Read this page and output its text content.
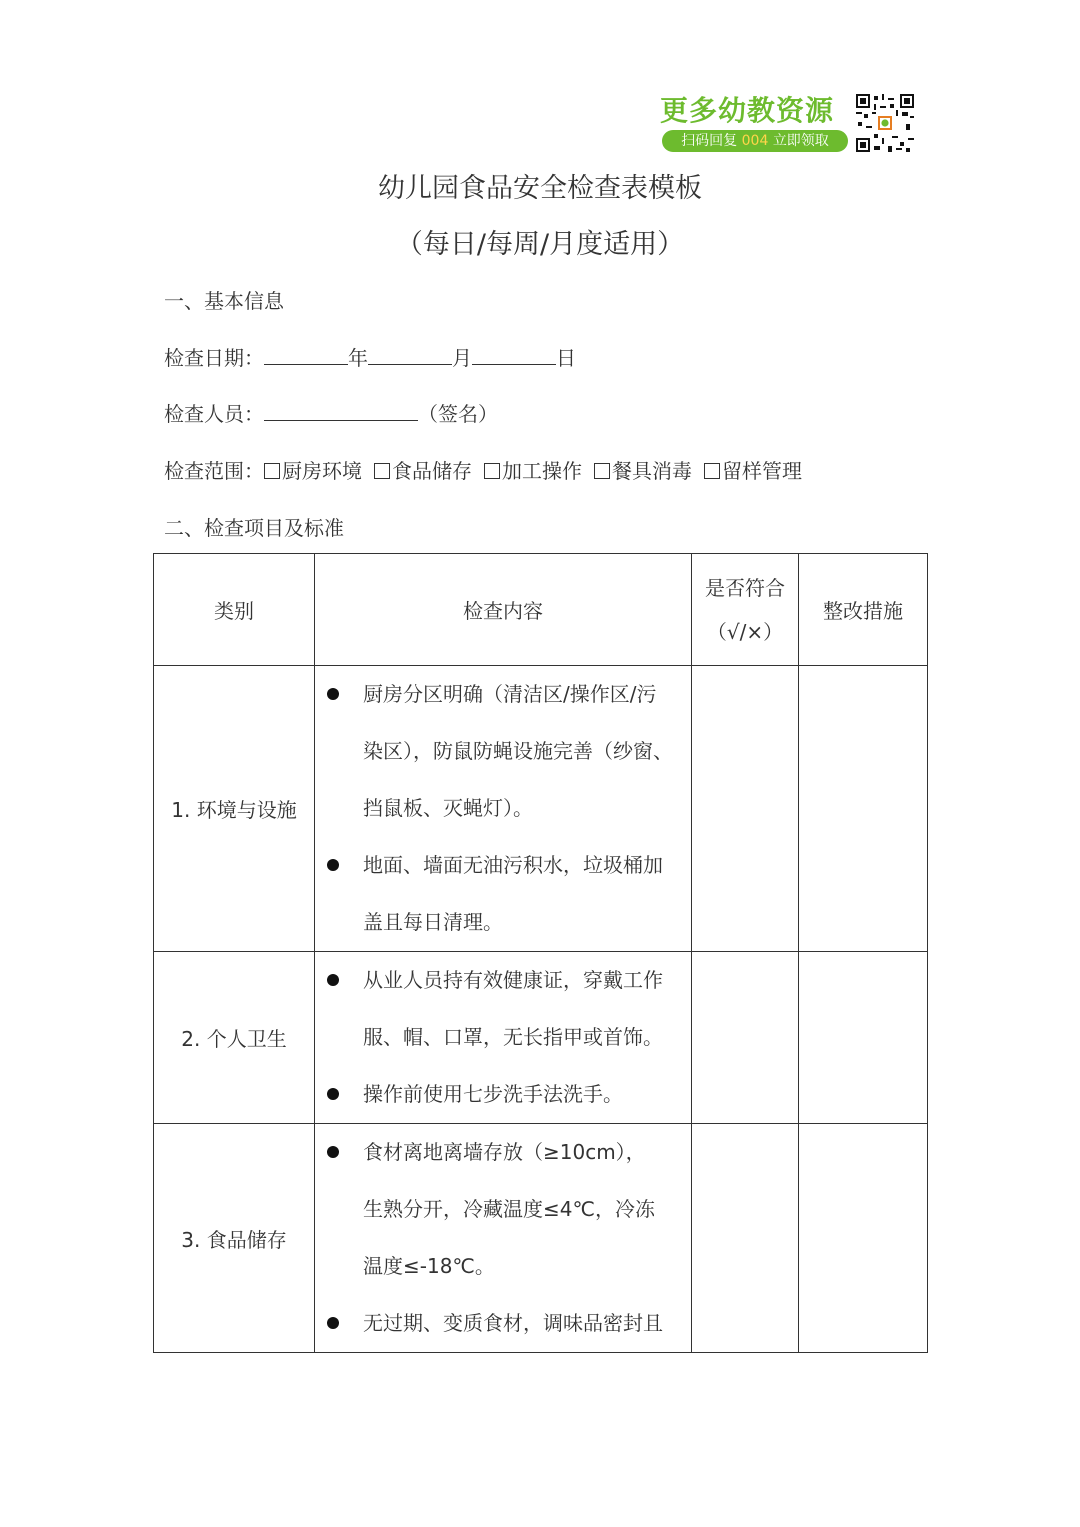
更多幼教资源
扫码回复 004 立即领取
幼儿园食品安全检查表模板
（每日/每周/月度适用）
一、基本信息
检查日期：	年	月	日
检查人员：	（签名）
检查范围： 厨房环境 食品储存 加工操作 餐具消毒 留样管理
二、检查项目及标准
类别	检查内容	是否符合
（√/×）	整改措施
1. 环境与设施	厨房分区明确（清洁区/操作区/污
染区），防鼠防蝇设施完善（纱窗、
挡鼠板、灭蝇灯）。
地面、墙面无油污积水，垃圾桶加
盖且每日清理。		

2. 个人卫生	从业人员持有效健康证，穿戴工作
服、帽、口罩，无长指甲或首饰。
操作前使用七步洗手法洗手。		

3. 食品储存	食材离地离墙存放（≥10cm），
生熟分开，冷藏温度≤4℃，冷冻
温度≤-18℃。
无过期、变质食材，调味品密封且		
